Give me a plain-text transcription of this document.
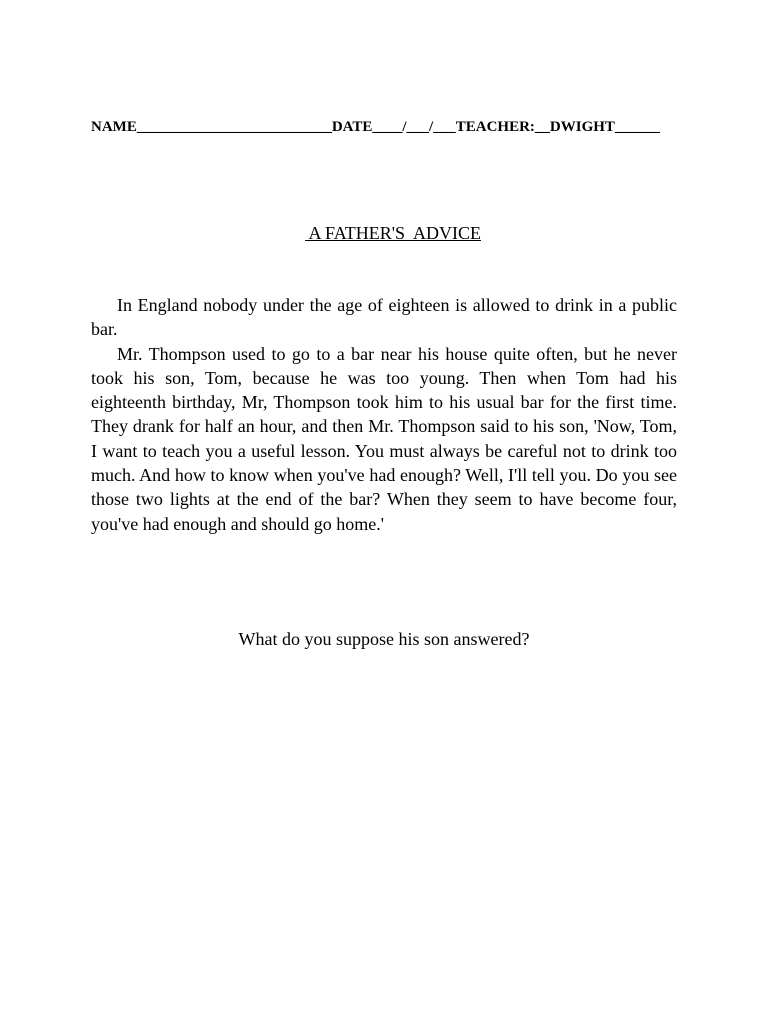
NAME__________________________DATE____/___/___TEACHER:__DWIGHT______

A FATHER'S  ADVICE

In England nobody under the age of eighteen is allowed to drink in a public bar.

Mr. Thompson used to go to a bar near his house quite often, but he never took his son, Tom, because he was too young. Then when Tom had his eighteenth birthday, Mr, Thompson took him to his usual bar for the first time. They drank for half an hour, and then Mr. Thompson said to his son, 'Now, Tom, I want to teach you a useful lesson. You must always be careful not to drink too much. And how to know when you've had enough? Well, I'll tell you. Do you see those two lights at the end of the bar? When they seem to have become four, you've had enough and should go home.'

What do you suppose his son answered?
